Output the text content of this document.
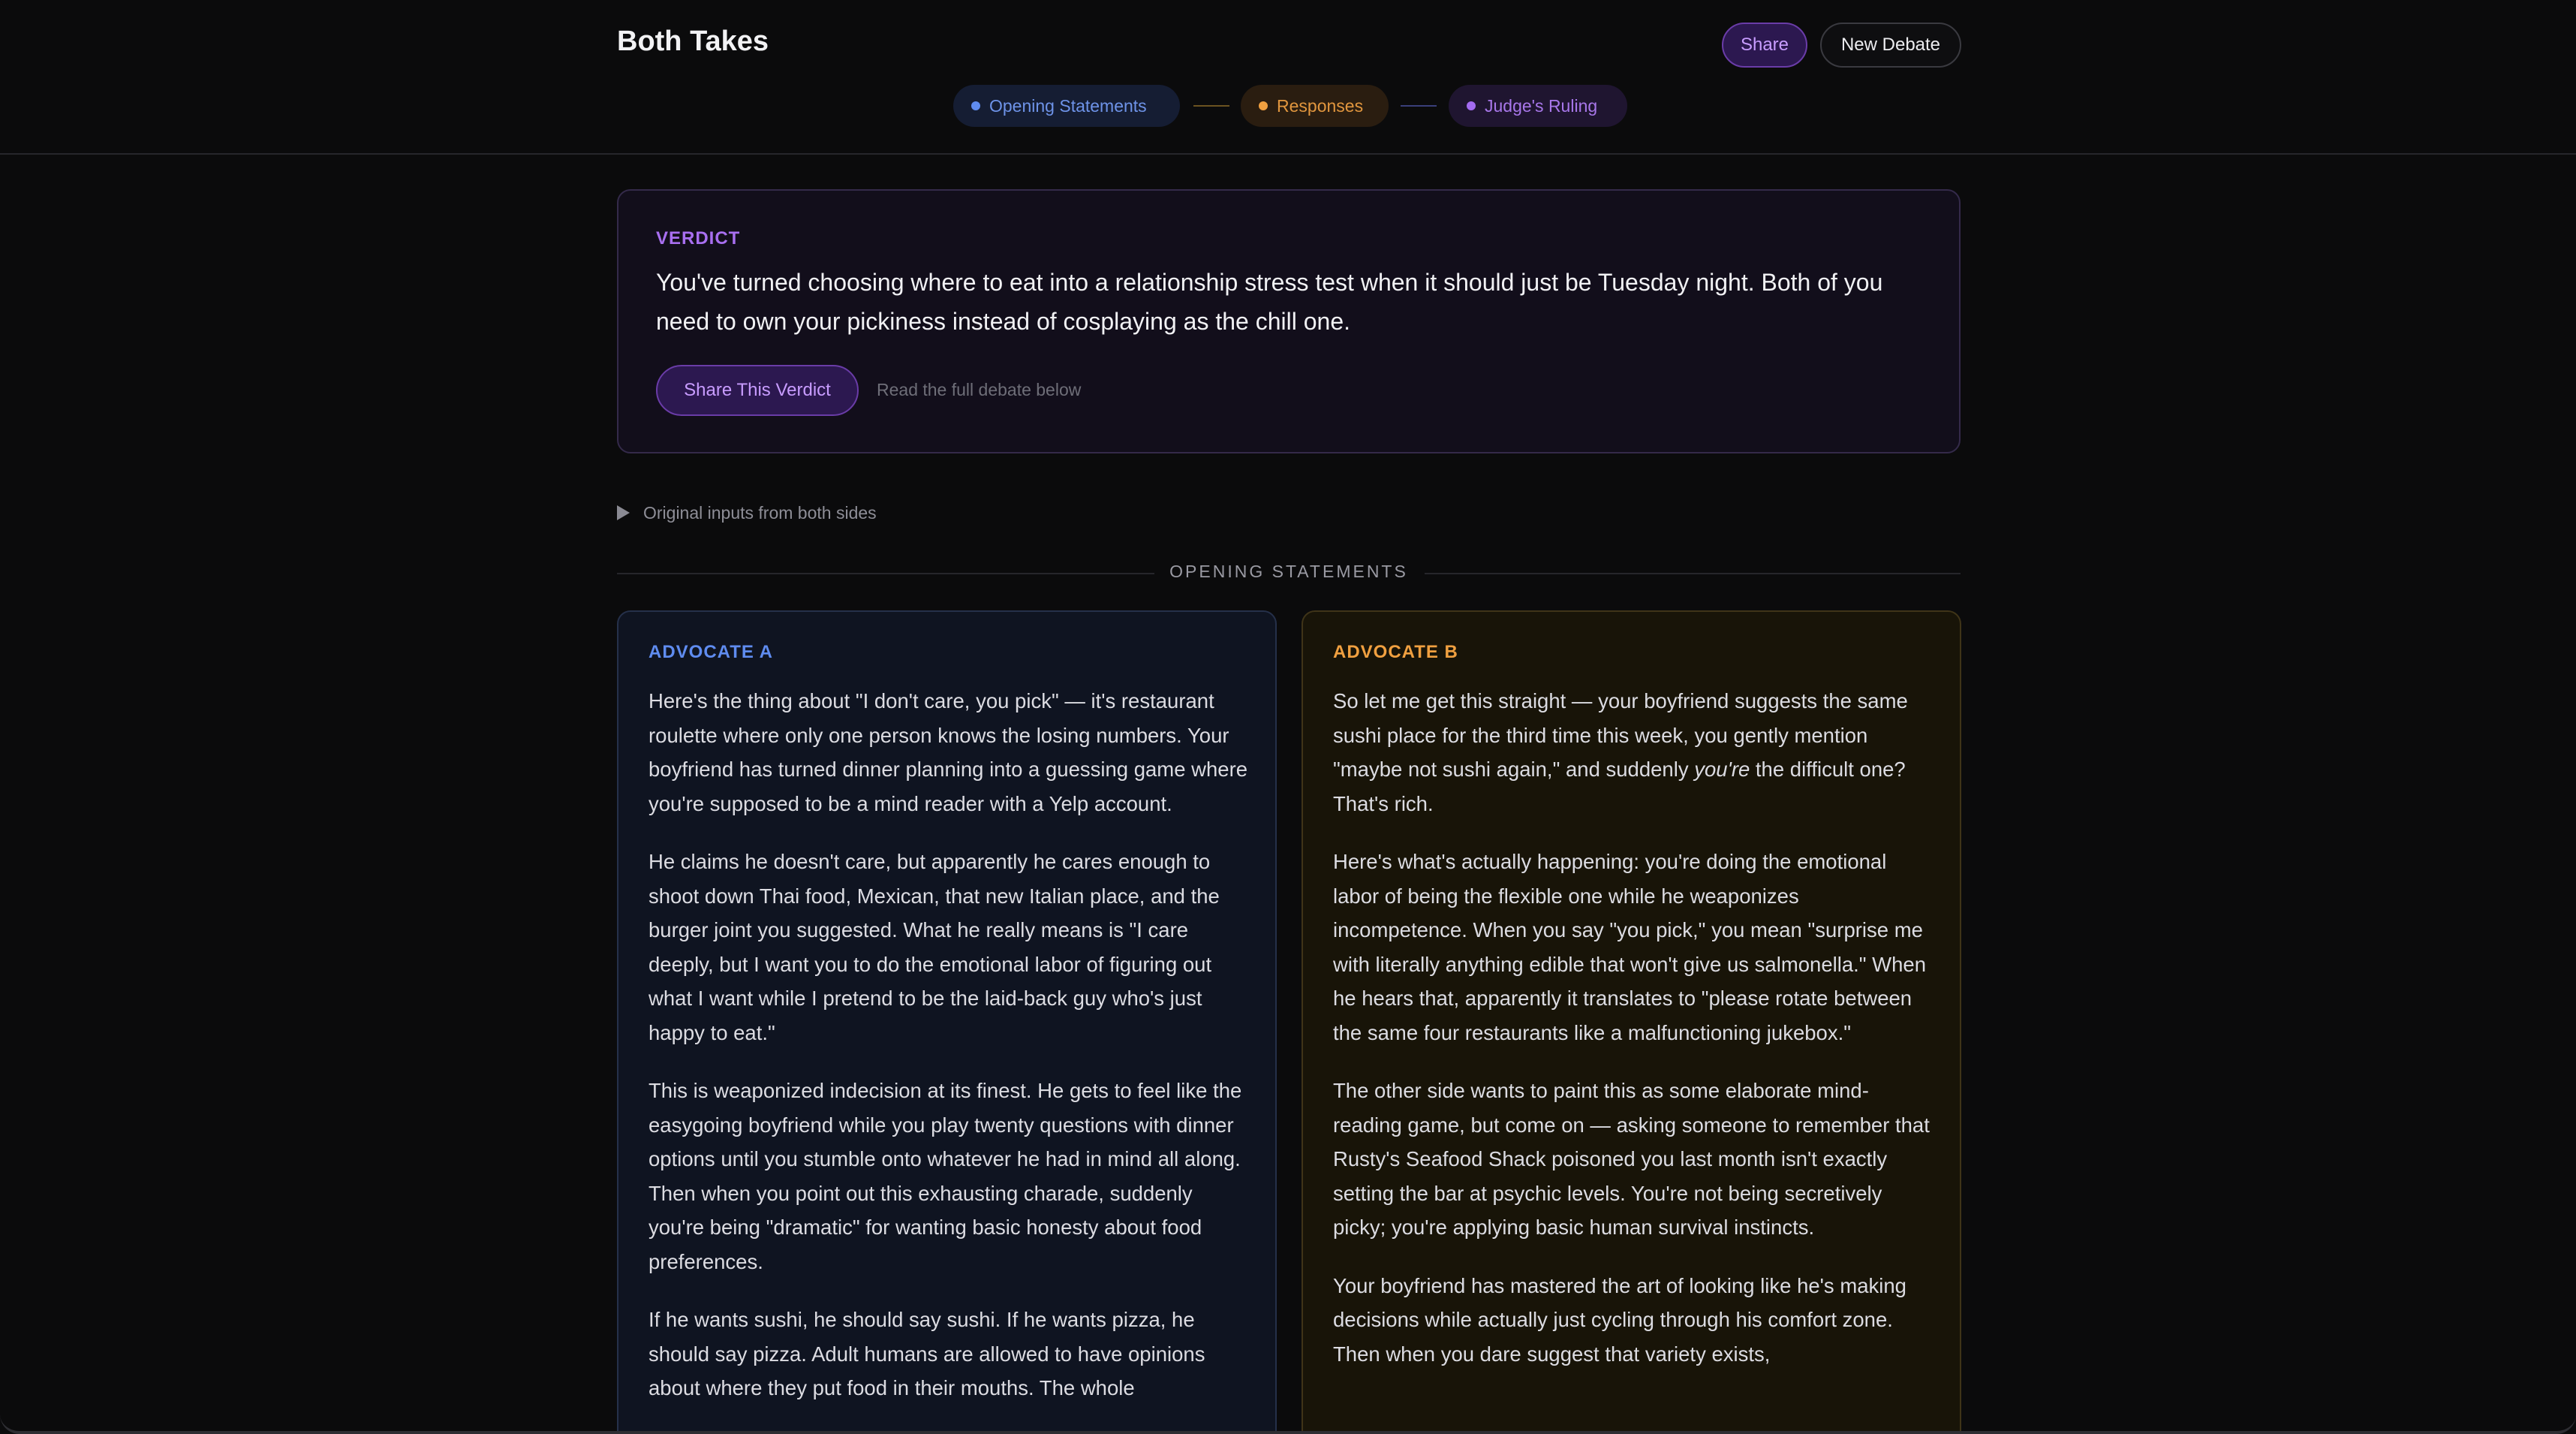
Both Takes	Share	New Debate
Opening Statements	Responses	Judge's Ruling
VERDICT
You've turned choosing where to eat into a relationship stress test when it should just be Tuesday night. Both of you need to own your pickiness instead of cosplaying as the chill one.
Share This Verdict	Read the full debate below
Original inputs from both sides
OPENING STATEMENTS
ADVOCATE A

Here's the thing about "I don't care, you pick" — it's restaurant roulette where only one person knows the losing numbers. Your boyfriend has turned dinner planning into a guessing game where you're supposed to be a mind reader with a Yelp account.

He claims he doesn't care, but apparently he cares enough to shoot down Thai food, Mexican, that new Italian place, and the burger joint you suggested. What he really means is "I care deeply, but I want you to do the emotional labor of figuring out what I want while I pretend to be the laid-back guy who's just happy to eat."

This is weaponized indecision at its finest. He gets to feel like the easygoing boyfriend while you play twenty questions with dinner options until you stumble onto whatever he had in mind all along. Then when you point out this exhausting charade, suddenly you're being "dramatic" for wanting basic honesty about food preferences.

If he wants sushi, he should say sushi. If he wants pizza, he should say pizza. Adult humans are allowed to have opinions about where they put food in their mouths. The whole

ADVOCATE B

So let me get this straight — your boyfriend suggests the same sushi place for the third time this week, you gently mention "maybe not sushi again," and suddenly you're the difficult one? That's rich.

Here's what's actually happening: you're doing the emotional labor of being the flexible one while he weaponizes incompetence. When you say "you pick," you mean "surprise me with literally anything edible that won't give us salmonella." When he hears that, apparently it translates to "please rotate between the same four restaurants like a malfunctioning jukebox."

The other side wants to paint this as some elaborate mind-reading game, but come on — asking someone to remember that Rusty's Seafood Shack poisoned you last month isn't exactly setting the bar at psychic levels. You're not being secretively picky; you're applying basic human survival instincts.

Your boyfriend has mastered the art of looking like he's making decisions while actually just cycling through his comfort zone. Then when you dare suggest that variety exists,
